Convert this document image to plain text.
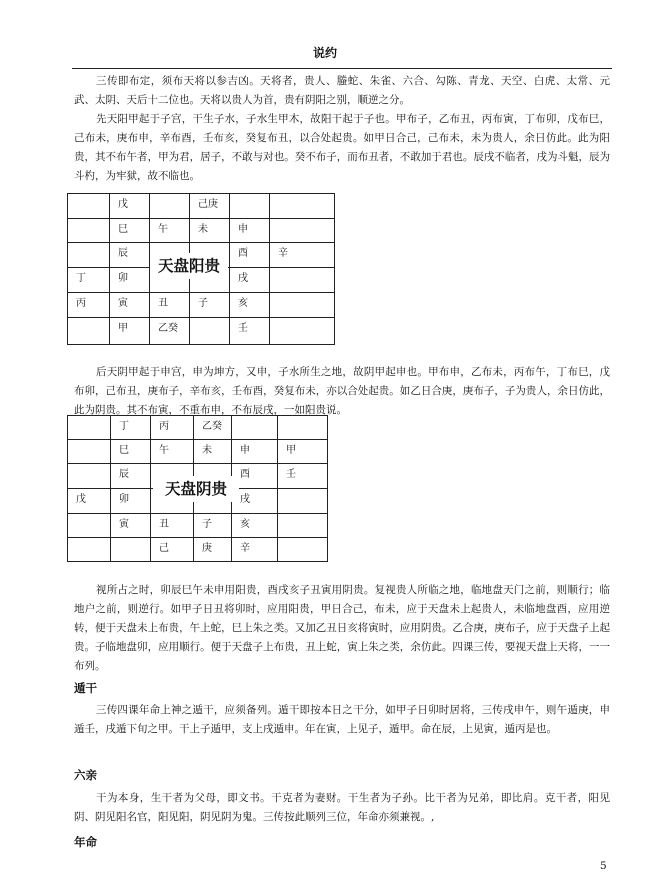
说约

三传即布定，须布天将以参吉凶。天将者，贵人、螣蛇、朱雀、六合、勾陈、青龙、天空、白虎、太常、元武、太阴、天后十二位也。天将以贵人为首，贵有阴阳之别，顺逆之分。

先天阳甲起于子宫，干生子水，子水生甲木，故阳干起于子也。甲布子，乙布丑，丙布寅，丁布卯，戊布巳，己布未，庚布申，辛布酉，壬布亥，癸复布丑，以合处起贵。如甲日合己，己布未，未为贵人，余日仿此。此为阳贵，其不布午者，甲为君，居子，不敢与对也。癸不布子，而布丑者，不敢加于君也。辰戌不临者，戌为斗魁，辰为斗杓，为牢狱，故不临也。

	戊		己庚		
	巳	午	未	申	
	辰			酉	辛
丁	卯			戌	
丙	寅	丑	子	亥	
	甲	乙癸		壬	
天盘阳贵

后天阴甲起于申宫，申为坤方，又申，子水所生之地，故阴甲起申也。甲布申，乙布未，丙布午，丁布巳，戊布卯，己布丑，庚布子，辛布亥，壬布酉，癸复布未，亦以合处起贵。如乙日合庚，庚布子，子为贵人，余日仿此，此为阴贵。其不布寅，不重布申，不布辰戌，一如阳贵说。

	丁	丙	乙癸		
	巳	午	未	申	甲
	辰			酉	壬
戊	卯			戌	
	寅	丑	子	亥	
		己	庚	辛	
天盘阴贵

视所占之时，卯辰巳午未申用阳贵，酉戌亥子丑寅用阴贵。复视贵人所临之地，临地盘天门之前，则顺行；临地户之前，则逆行。如甲子日丑将卯时，应用阳贵，甲日合己，布未，应于天盘未上起贵人，未临地盘酉，应用逆转，便于天盘未上布贵，午上蛇，巳上朱之类。又加乙丑日亥将寅时，应用阴贵。乙合庚，庚布子，应于天盘子上起贵。子临地盘卯，应用顺行。便于天盘子上布贵，丑上蛇，寅上朱之类，余仿此。四课三传，要视天盘上天将，一一布列。

遁干

三传四课年命上神之遁干，应须备列。遁干即按本日之干分，如甲子日卯时居将，三传戌申午，则午遁庚，申遁壬，戌遁下旬之甲。干上子遁甲，支上戌遁申。年在寅，上见子，遁甲。命在辰，上见寅，遁丙是也。

六亲

干为本身，生干者为父母，即文书。干克者为妻财。干生者为子孙。比干者为兄弟，即比肩。克干者，阳见阴、阴见阳名官，阳见阳，阴见阴为鬼。三传按此顺列三位，年命亦须兼视。,

年命
5
